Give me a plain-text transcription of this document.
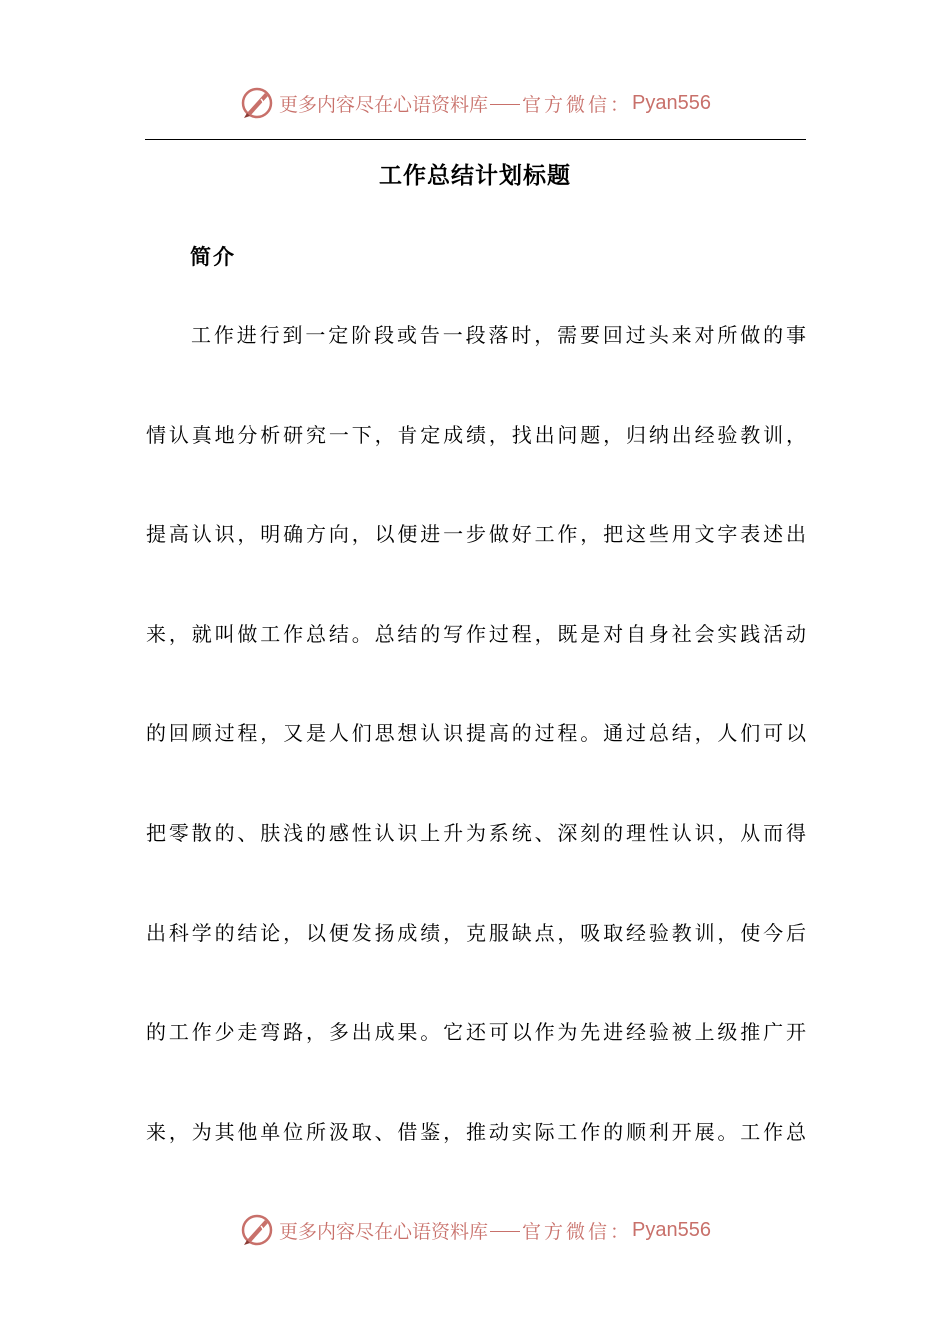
更多内容尽在心语资料库 官方微信： Pyan556
工作总结计划标题
简介
工作进行到一定阶段或告一段落时，需要回过头来对所做的事
情认真地分析研究一下，肯定成绩，找出问题，归纳出经验教训，
提高认识，明确方向，以便进一步做好工作，把这些用文字表述出
来，就叫做工作总结。总结的写作过程，既是对自身社会实践活动
的回顾过程，又是人们思想认识提高的过程。通过总结，人们可以
把零散的、肤浅的感性认识上升为系统、深刻的理性认识，从而得
出科学的结论，以便发扬成绩，克服缺点，吸取经验教训，使今后
的工作少走弯路，多出成果。它还可以作为先进经验被上级推广开
来，为其他单位所汲取、借鉴，推动实际工作的顺利开展。工作总
更多内容尽在心语资料库 官方微信： Pyan556
